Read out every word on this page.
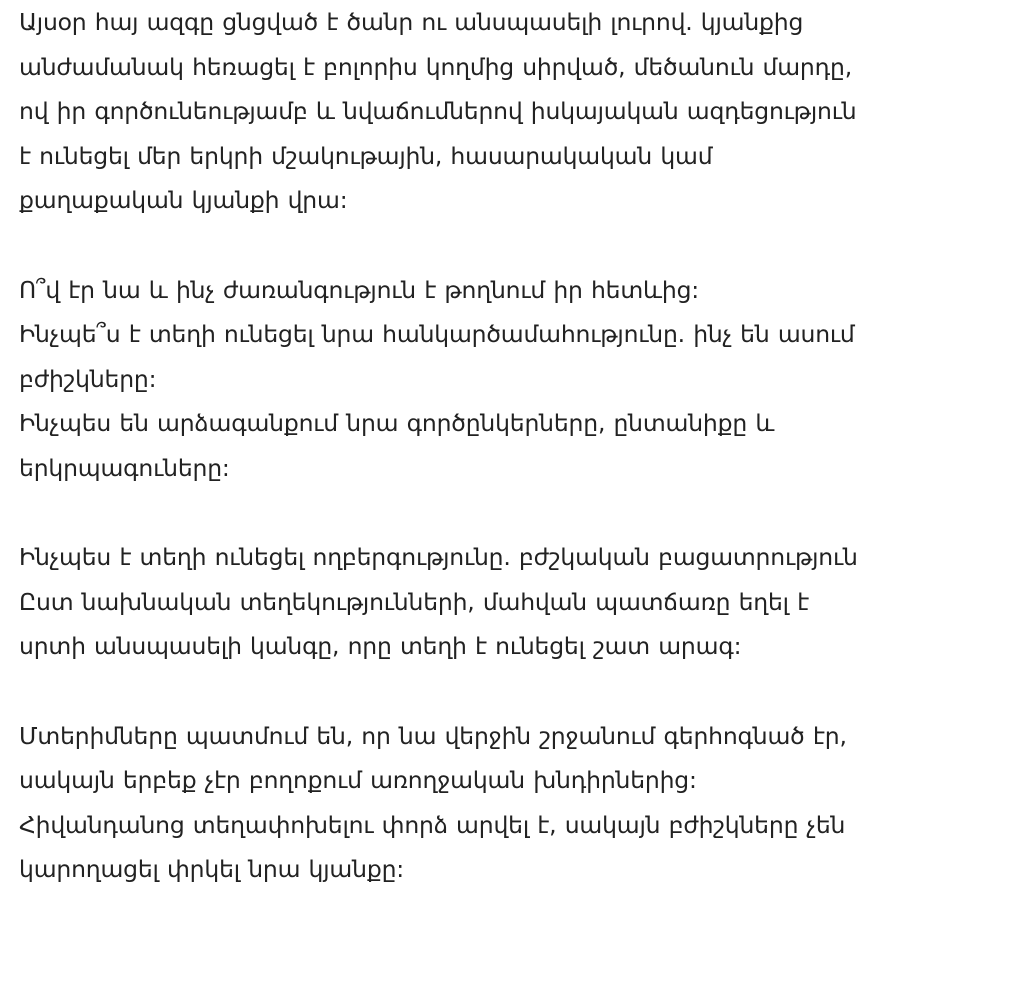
Այսօր հայ ազգը ցնցված է ծանր ու անսպասելի լուրով. կյանքից
անժամանակ հեռացել է բոլորիս կողմից սիրված, մեծանուն մարդը,
ով իր գործունեությամբ և նվաճումներով իսկայական ազդեցություն
է ունեցել մեր երկրի մշակութային, հասարակական կամ
քաղաքական կյանքի վրա:

Ո՞վ էր նա և ինչ ժառանգություն է թողնում իր հետևից:
Ինչպե՞ս է տեղի ունեցել նրա հանկարծամահությունը. ինչ են ասում
բժիշկները:
Ինչպես են արձագանքում նրա գործընկերները, ընտանիքը և
երկրպագուները:

Ինչպես է տեղի ունեցել ողբերգությունը. բժշկական բացատրություն
Ըստ նախնական տեղեկությունների, մահվան պատճառը եղել է
սրտի անսպասելի կանգը, որը տեղի է ունեցել շատ արագ:

Մտերիմները պատմում են, որ նա վերջին շրջանում գերհոգնած էր,
սակայն երբեք չէր բողոքում առողջական խնդիրներից:
Հիվանդանոց տեղափոխելու փորձ արվել է, սակայն բժիշկները չեն
կարողացել փրկել նրա կյանքը:
